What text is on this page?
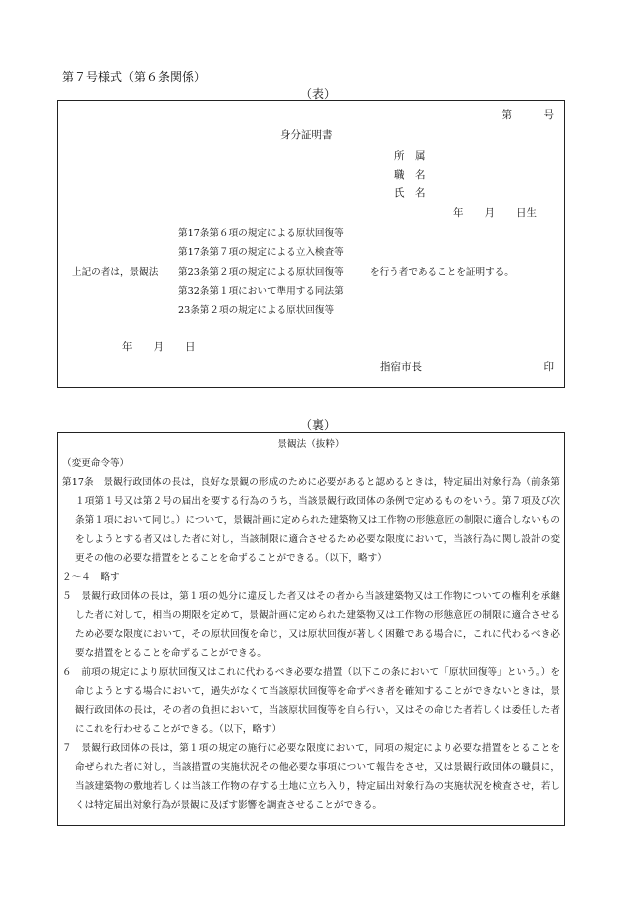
第７号様式（第６条関係）
（表）
第　　　号
身分証明書
所　属
職　名
氏　名
年　　月　　日生
上記の者は，景観法
第17条第６項の規定による原状回復等
第17条第７項の規定による立入検査等
第23条第２項の規定による原状回復等
第32条第１項において準用する同法第
23条第２項の規定による原状回復等
を行う者であることを証明する。
年　　月　　日
指宿市長	印
（裏）

景観法（抜粋）

（変更命令等）

第17条　景観行政団体の長は，良好な景観の形成のために必要があると認めるときは，特定届出対象行為（前条第１項第１号又は第２号の届出を要する行為のうち，当該景観行政団体の条例で定めるものをいう。第７項及び次条第１項において同じ。）について，景観計画に定められた建築物又は工作物の形態意匠の制限に適合しないものをしようとする者又はした者に対し，当該制限に適合させるため必要な限度において，当該行為に関し設計の変更その他の必要な措置をとることを命ずることができる。（以下，略す）

２～４　略す

５　景観行政団体の長は，第１項の処分に違反した者又はその者から当該建築物又は工作物についての権利を承継した者に対して，相当の期限を定めて，景観計画に定められた建築物又は工作物の形態意匠の制限に適合させるため必要な限度において，その原状回復を命じ，又は原状回復が著しく困難である場合に，これに代わるべき必要な措置をとることを命ずることができる。

６　前項の規定により原状回復又はこれに代わるべき必要な措置（以下この条において「原状回復等」という。）を命じようとする場合において，過失がなくて当該原状回復等を命ずべき者を確知することができないときは，景観行政団体の長は，その者の負担において，当該原状回復等を自ら行い，又はその命じた者若しくは委任した者にこれを行わせることができる。（以下，略す）

７　景観行政団体の長は，第１項の規定の施行に必要な限度において，同項の規定により必要な措置をとることを命ぜられた者に対し，当該措置の実施状況その他必要な事項について報告をさせ，又は景観行政団体の職員に，当該建築物の敷地若しくは当該工作物の存する土地に立ち入り，特定届出対象行為の実施状況を検査させ，若しくは特定届出対象行為が景観に及ぼす影響を調査させることができる。
